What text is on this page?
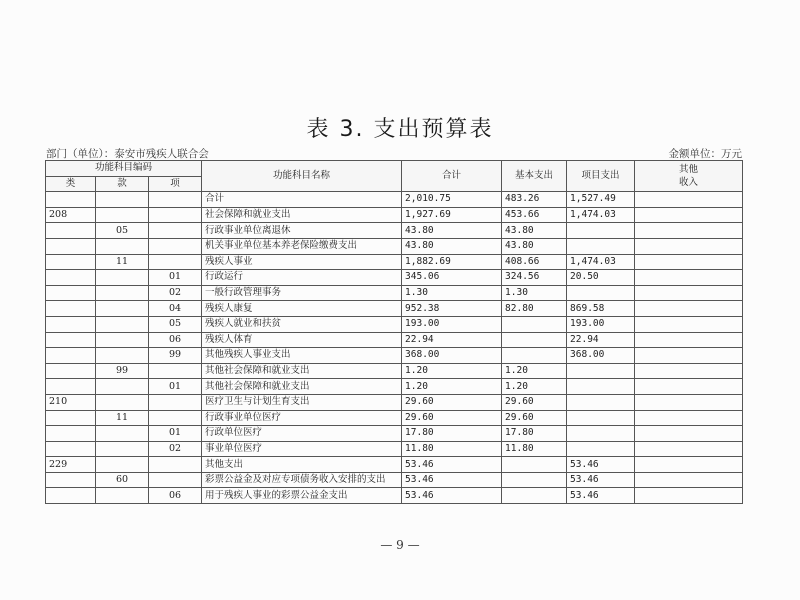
表 3. 支出预算表
部门（单位）：泰安市残疾人联合会	金额单位：万元
功能科目编码			功能科目名称	合计	基本支出	项目支出	其他
收入

类	款	项					
			合计	2,010.75	483.26	1,527.49	
208			社会保障和就业支出	1,927.69	453.66	1,474.03	
	05		行政事业单位离退休	43.80	43.80		
			机关事业单位基本养老保险缴费支出	43.80	43.80		
	11		残疾人事业	1,882.69	408.66	1,474.03	
		01	行政运行	345.06	324.56	20.50	
		02	一般行政管理事务	1.30	1.30		
		04	残疾人康复	952.38	82.80	869.58	
		05	残疾人就业和扶贫	193.00		193.00	
		06	残疾人体育	22.94		22.94	
		99	其他残疾人事业支出	368.00		368.00	
	99		其他社会保障和就业支出	1.20	1.20		
		01	其他社会保障和就业支出	1.20	1.20		
210			医疗卫生与计划生育支出	29.60	29.60		
	11		行政事业单位医疗	29.60	29.60		
		01	行政单位医疗	17.80	17.80		
		02	事业单位医疗	11.80	11.80		
229			其他支出	53.46		53.46	
	60		彩票公益金及对应专项债务收入安排的支出	53.46		53.46	
		06	用于残疾人事业的彩票公益金支出	53.46		53.46	
— 9 —
